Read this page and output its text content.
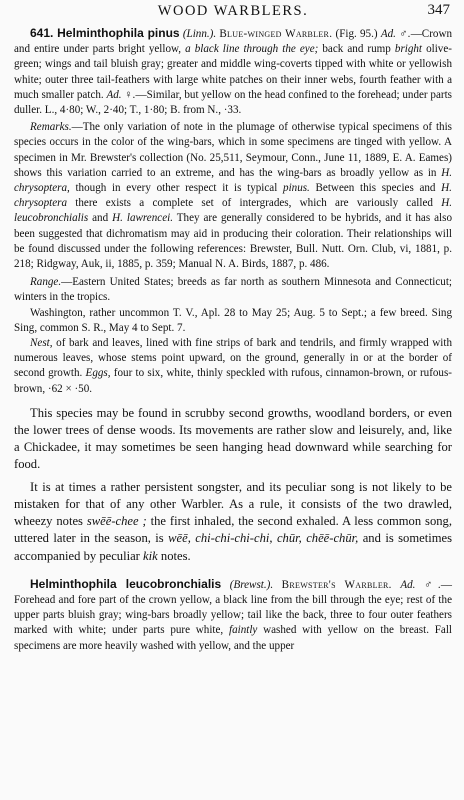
WOOD WARBLERS.	347

641. Helminthophila pinus (Linn.). Blue-winged Warbler. (Fig. 95.) Ad. ♂.—Crown and entire under parts bright yellow, a black line through the eye; back and rump bright olive-green; wings and tail bluish gray; greater and middle wing-coverts tipped with white or yellowish white; outer three tail-feathers with large white patches on their inner webs, fourth feather with a much smaller patch. Ad. ♀.—Similar, but yellow on the head confined to the forehead; under parts duller. L., 4·80; W., 2·40; T., 1·80; B. from N., ·33.

Remarks.—The only variation of note in the plumage of otherwise typical specimens of this species occurs in the color of the wing-bars, which in some specimens are tinged with yellow. A specimen in Mr. Brewster's collection (No. 25,511, Seymour, Conn., June 11, 1889, E. A. Eames) shows this variation carried to an extreme, and has the wing-bars as broadly yellow as in H. chrysoptera, though in every other respect it is typical pinus. Between this species and H. chrysoptera there exists a complete set of intergrades, which are variously called H. leucobronchialis and H. lawrencei. They are generally considered to be hybrids, and it has also been suggested that dichromatism may aid in producing their coloration. Their relationships will be found discussed under the following references: Brewster, Bull. Nutt. Orn. Club, vi, 1881, p. 218; Ridgway, Auk, ii, 1885, p. 359; Manual N. A. Birds, 1887, p. 486.

Range.—Eastern United States; breeds as far north as southern Minnesota and Connecticut; winters in the tropics.

Washington, rather uncommon T. V., Apl. 28 to May 25; Aug. 5 to Sept.; a few breed. Sing Sing, common S. R., May 4 to Sept. 7.

Nest, of bark and leaves, lined with fine strips of bark and tendrils, and firmly wrapped with numerous leaves, whose stems point upward, on the ground, generally in or at the border of second growth. Eggs, four to six, white, thinly speckled with rufous, cinnamon-brown, or rufous-brown, ·62 × ·50.

This species may be found in scrubby second growths, woodland borders, or even the lower trees of dense woods. Its movements are rather slow and leisurely, and, like a Chickadee, it may sometimes be seen hanging head downward while searching for food.

It is at times a rather persistent songster, and its peculiar song is not likely to be mistaken for that of any other Warbler. As a rule, it consists of the two drawled, wheezy notes swēē-chee ; the first inhaled, the second exhaled. A less common song, uttered later in the season, is wēē, chi-chi-chi-chi, chūr, chēē-chūr, and is sometimes accompanied by peculiar kik notes.

Helminthophila leucobronchialis (Brewst.). Brewster's Warbler. Ad. ♂.—Forehead and fore part of the crown yellow, a black line from the bill through the eye; rest of the upper parts bluish gray; wing-bars broadly yellow; tail like the back, three to four outer feathers marked with white; under parts pure white, faintly washed with yellow on the breast. Fall specimens are more heavily washed with yellow, and the upper
